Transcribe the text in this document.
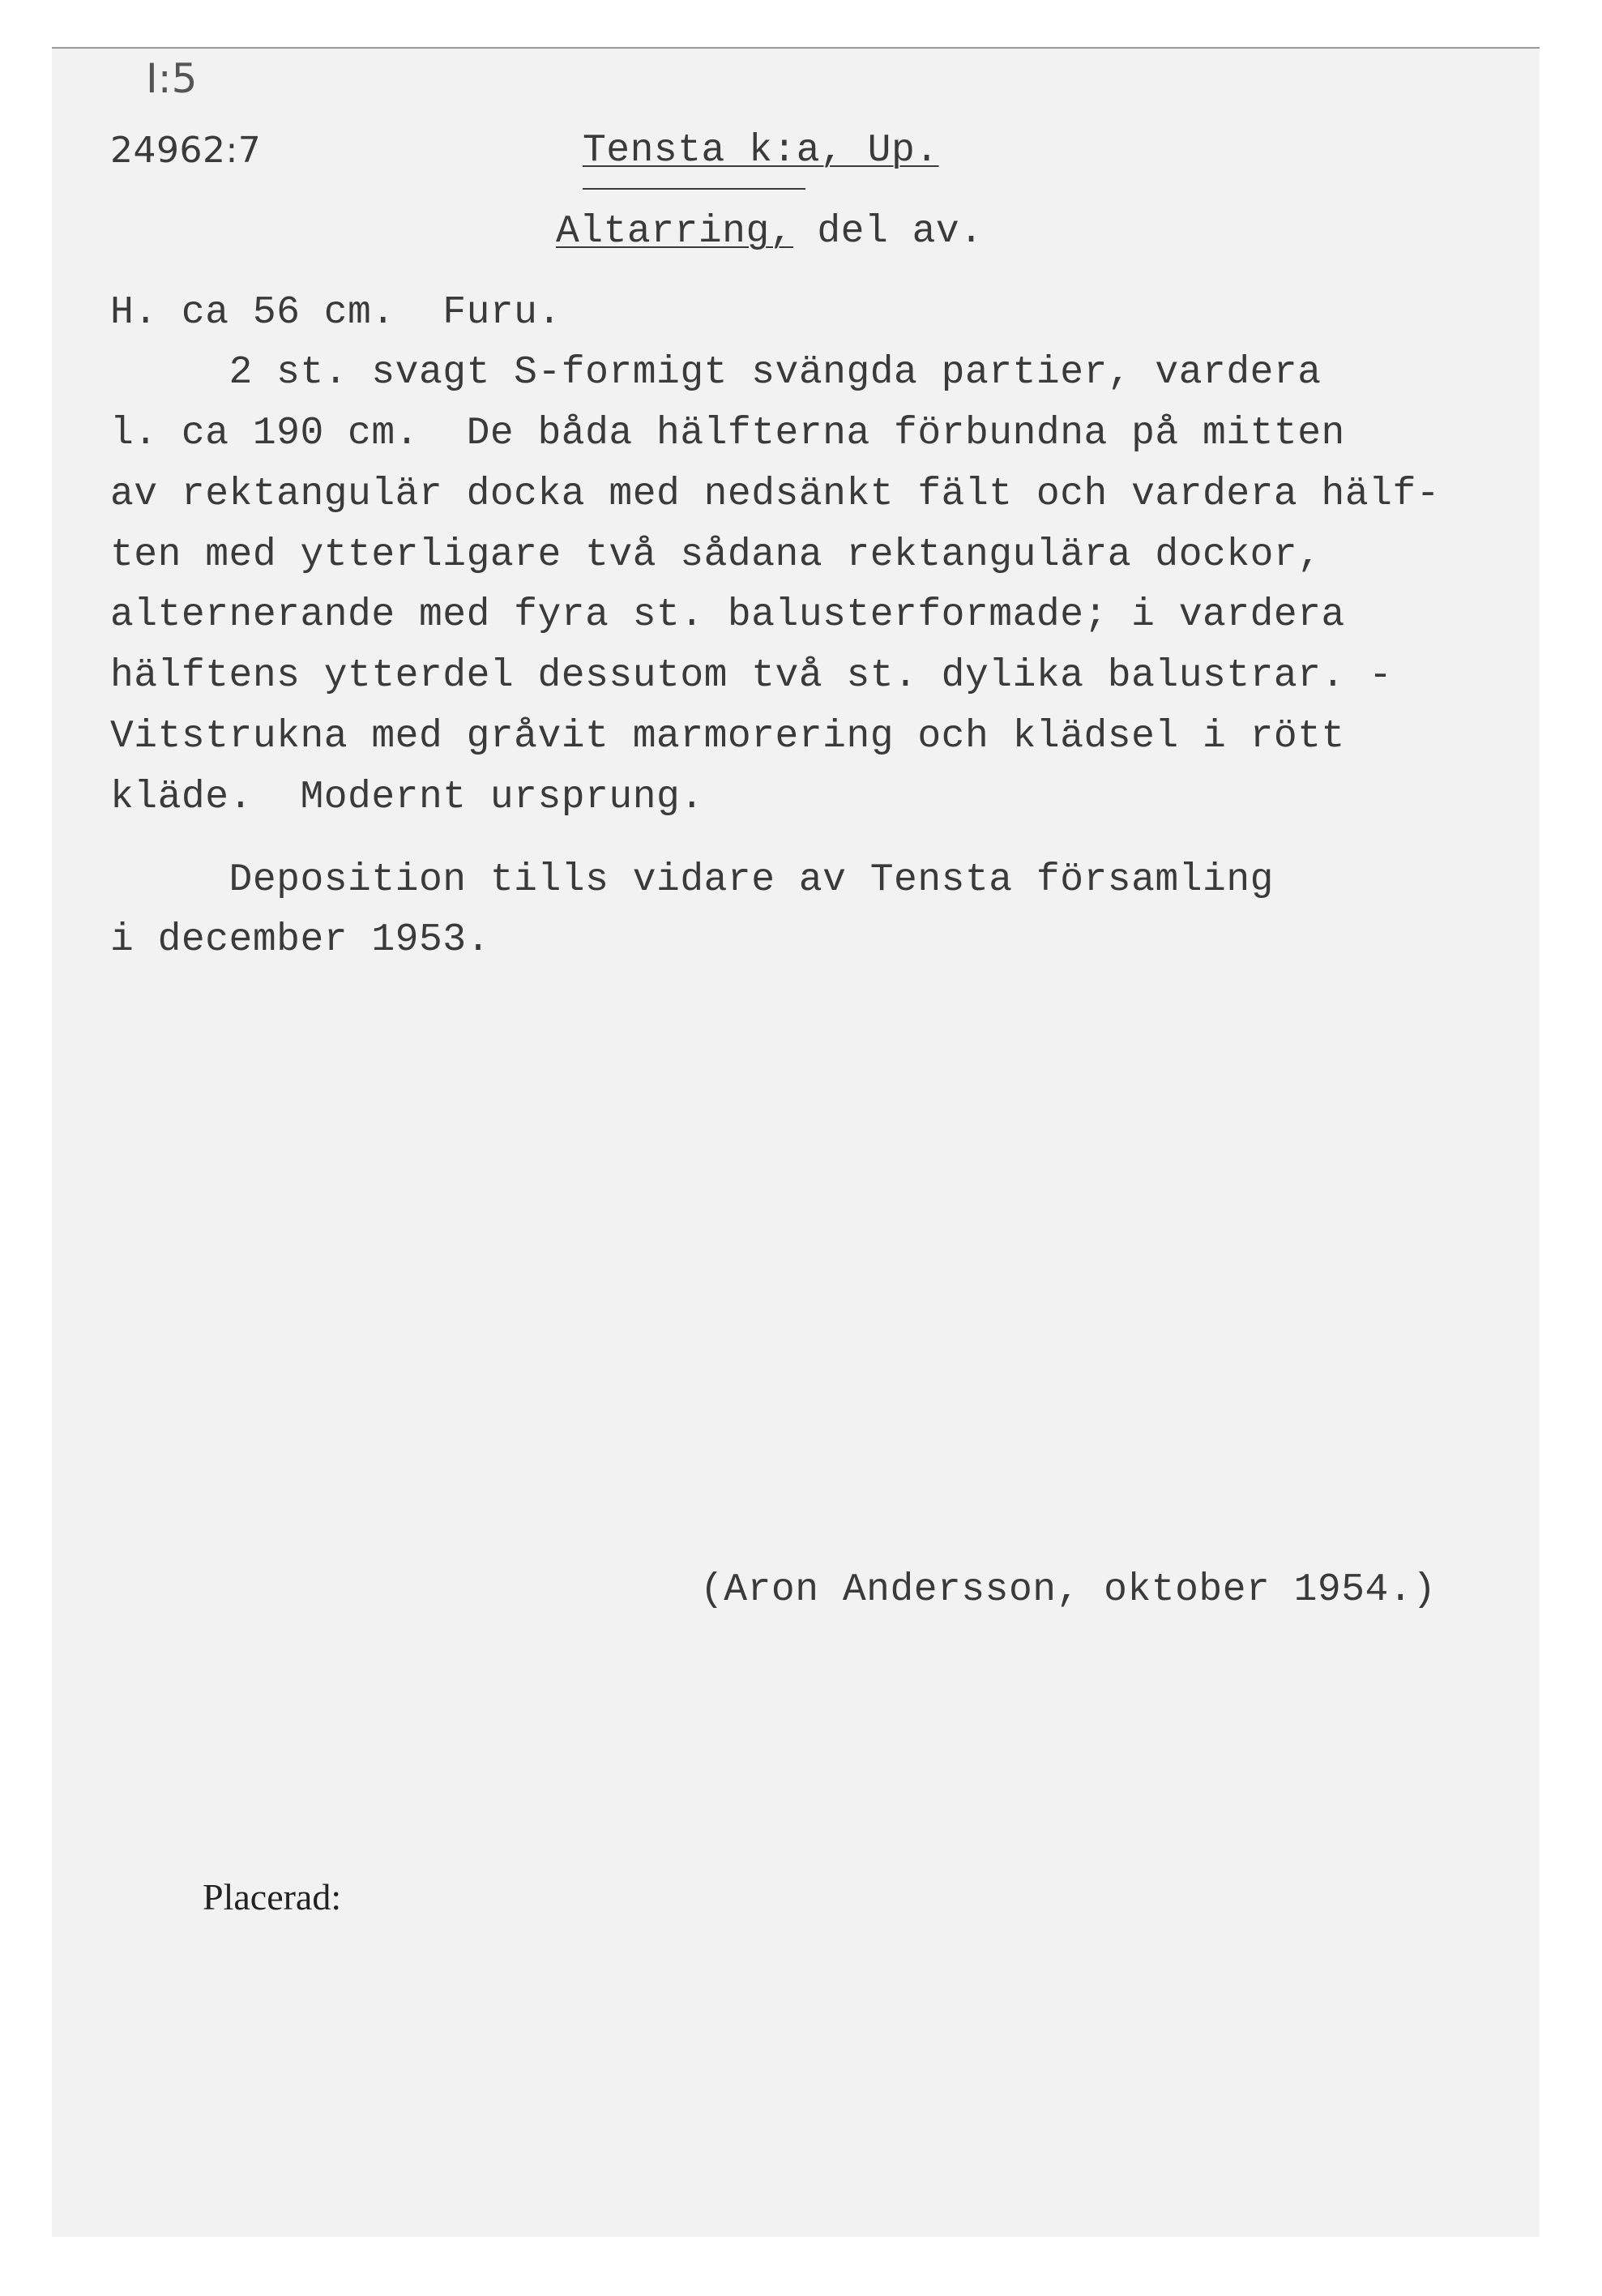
I:5
24962:7	Tensta k:a, Up.
Altarring, del av.
H. ca 56 cm.  Furu.
2 st. svagt S-formigt svängda partier, vardera
l. ca 190 cm.  De båda hälfterna förbundna på mitten
av rektangulär docka med nedsänkt fält och vardera hälf-
ten med ytterligare två sådana rektangulära dockor,
alternerande med fyra st. balusterformade; i vardera
hälftens ytterdel dessutom två st. dylika balustrar. -
Vitstrukna med gråvit marmorering och klädsel i rött
kläde.  Modernt ursprung.
Deposition tills vidare av Tensta församling
i december 1953.
(Aron Andersson, oktober 1954.)
Placerad:
